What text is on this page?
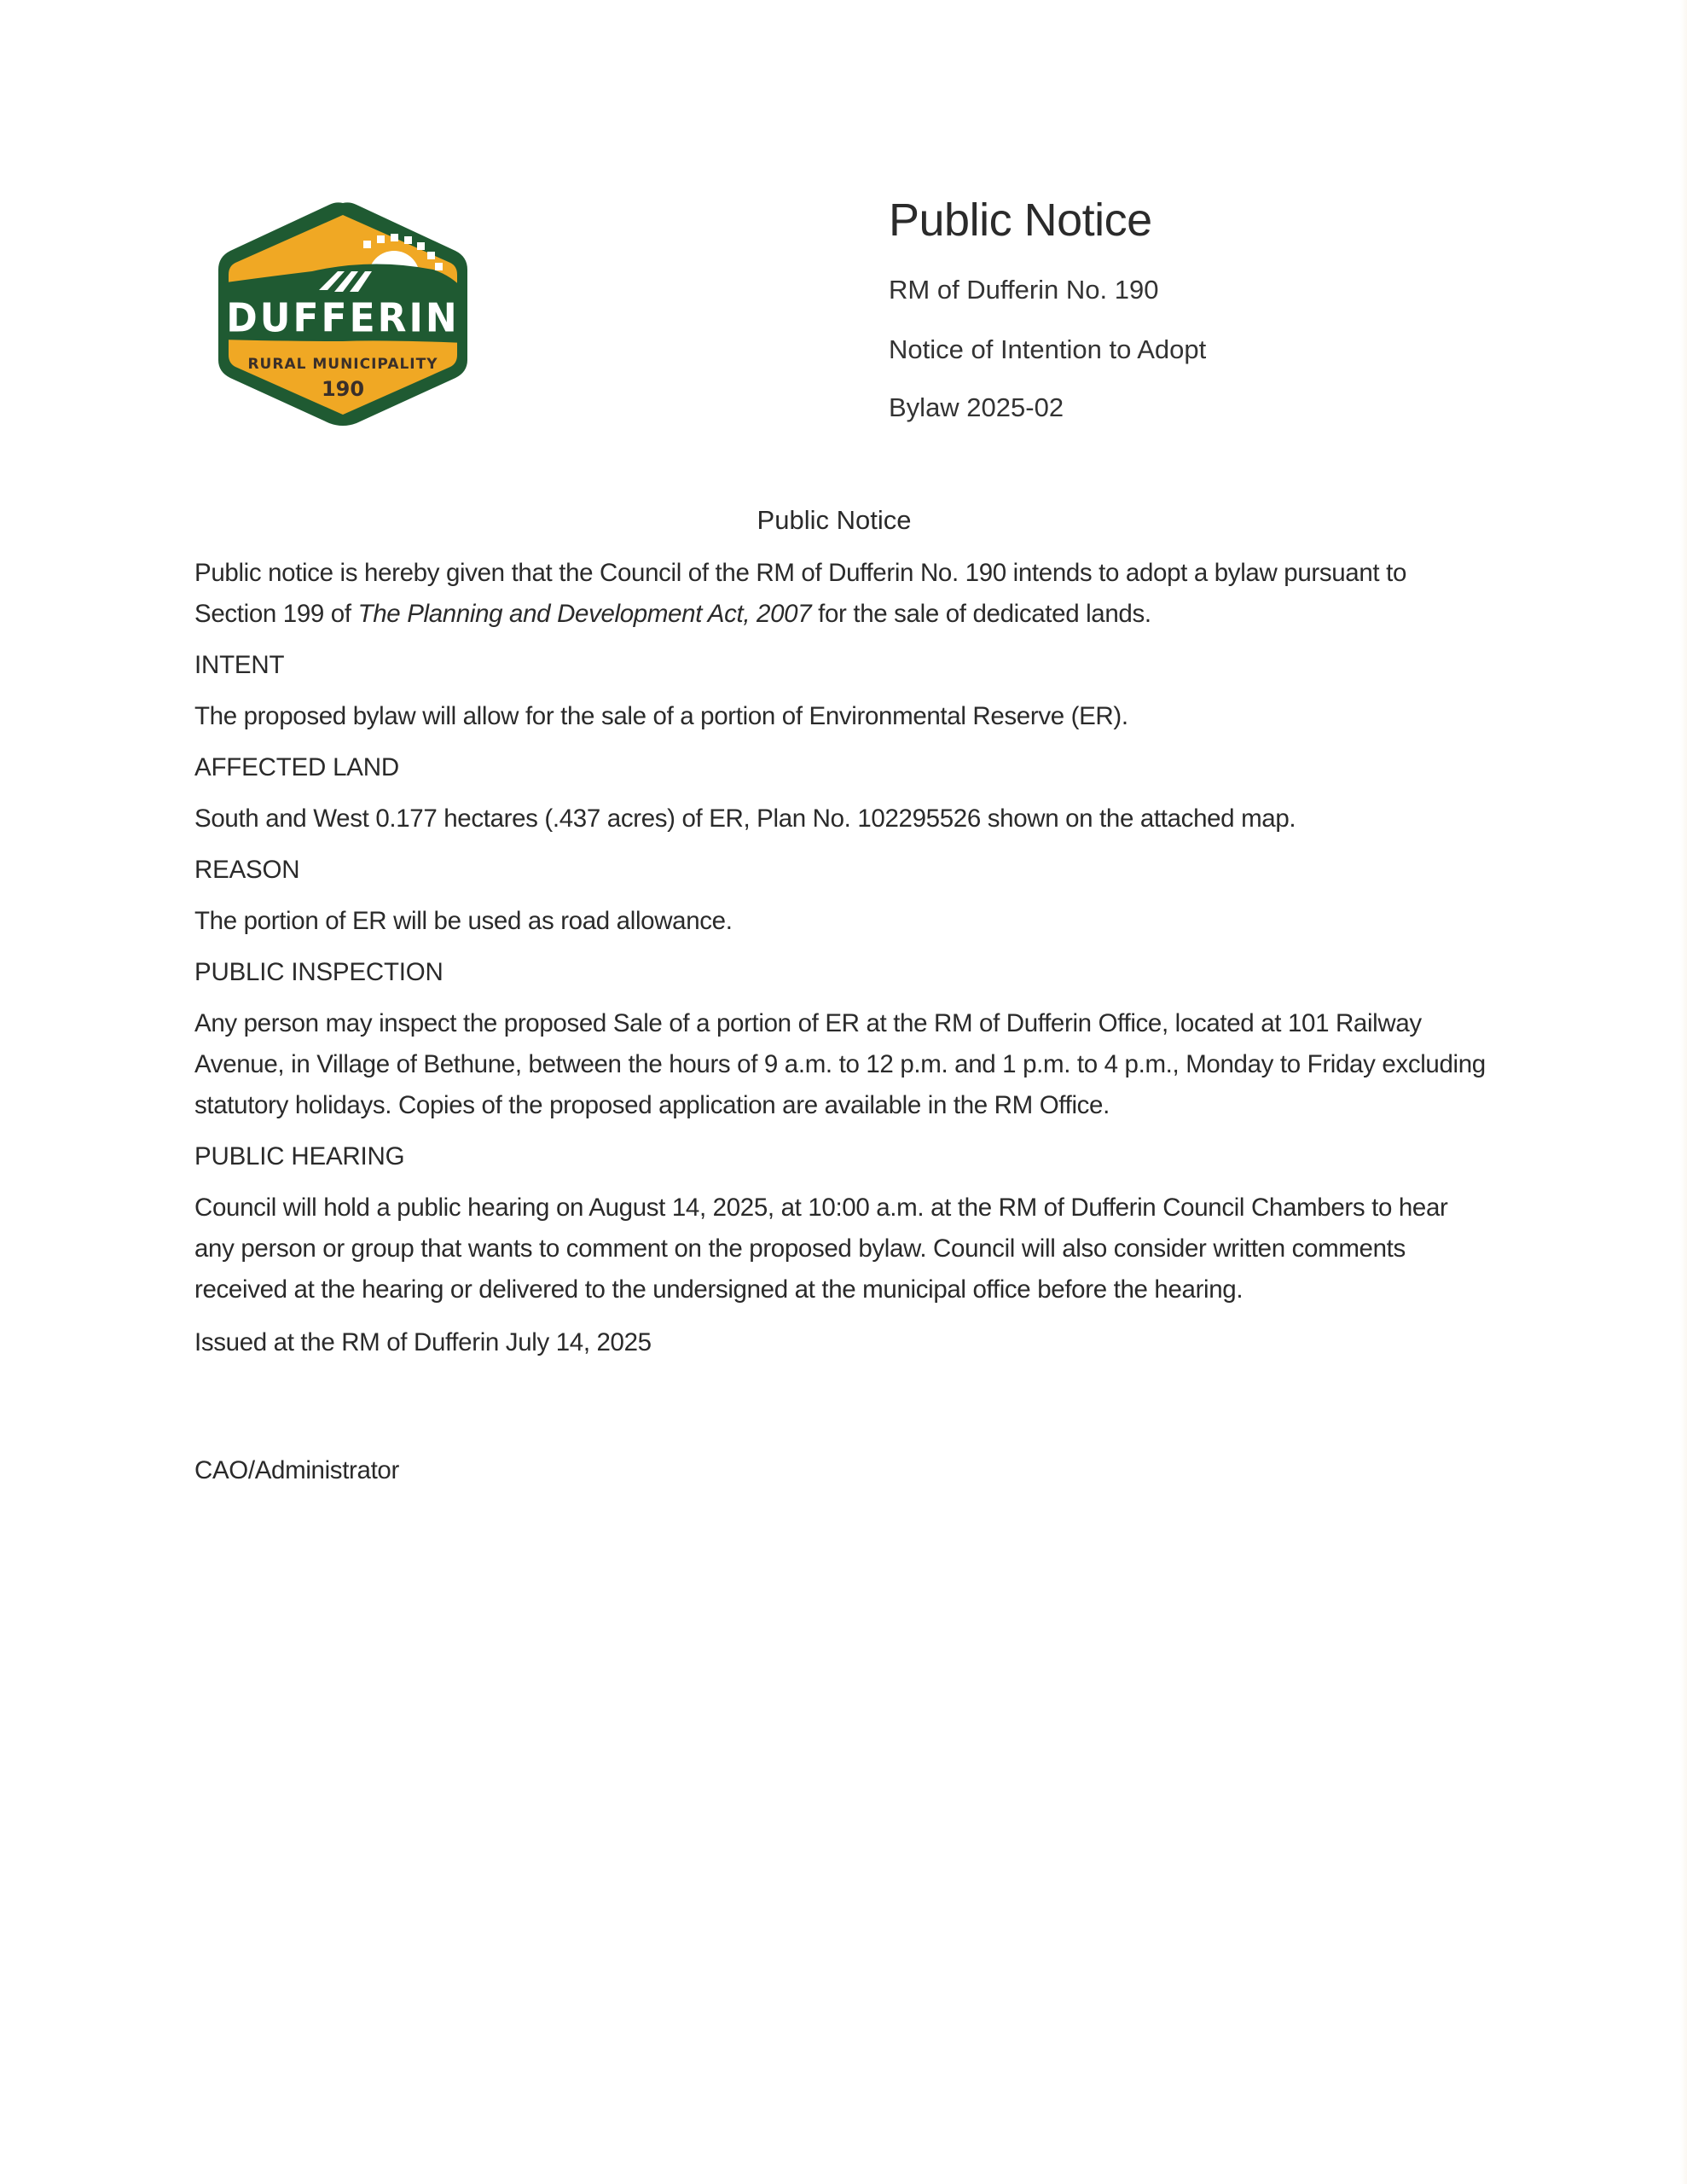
DUFFERIN
RURAL MUNICIPALITY
190
Public Notice
RM of Dufferin No. 190
Notice of Intention to Adopt
Bylaw 2025-02
Public Notice

Public notice is hereby given that the Council of the RM of Dufferin No. 190 intends to adopt a bylaw pursuant to Section 199 of The Planning and Development Act, 2007 for the sale of dedicated lands.

INTENT

The proposed bylaw will allow for the sale of a portion of Environmental Reserve (ER).

AFFECTED LAND

South and West 0.177 hectares (.437 acres) of ER, Plan No. 102295526 shown on the attached map.

REASON

The portion of ER will be used as road allowance.

PUBLIC INSPECTION

Any person may inspect the proposed Sale of a portion of ER at the RM of Dufferin Office, located at 101 Railway Avenue, in Village of Bethune, between the hours of 9 a.m. to 12 p.m. and 1 p.m. to 4 p.m., Monday to Friday excluding statutory holidays. Copies of the proposed application are available in the RM Office.

PUBLIC HEARING

Council will hold a public hearing on August 14, 2025, at 10:00 a.m. at the RM of Dufferin Council Chambers to hear any person or group that wants to comment on the proposed bylaw. Council will also consider written comments received at the hearing or delivered to the undersigned at the municipal office before the hearing.

Issued at the RM of Dufferin July 14, 2025

CAO/Administrator
